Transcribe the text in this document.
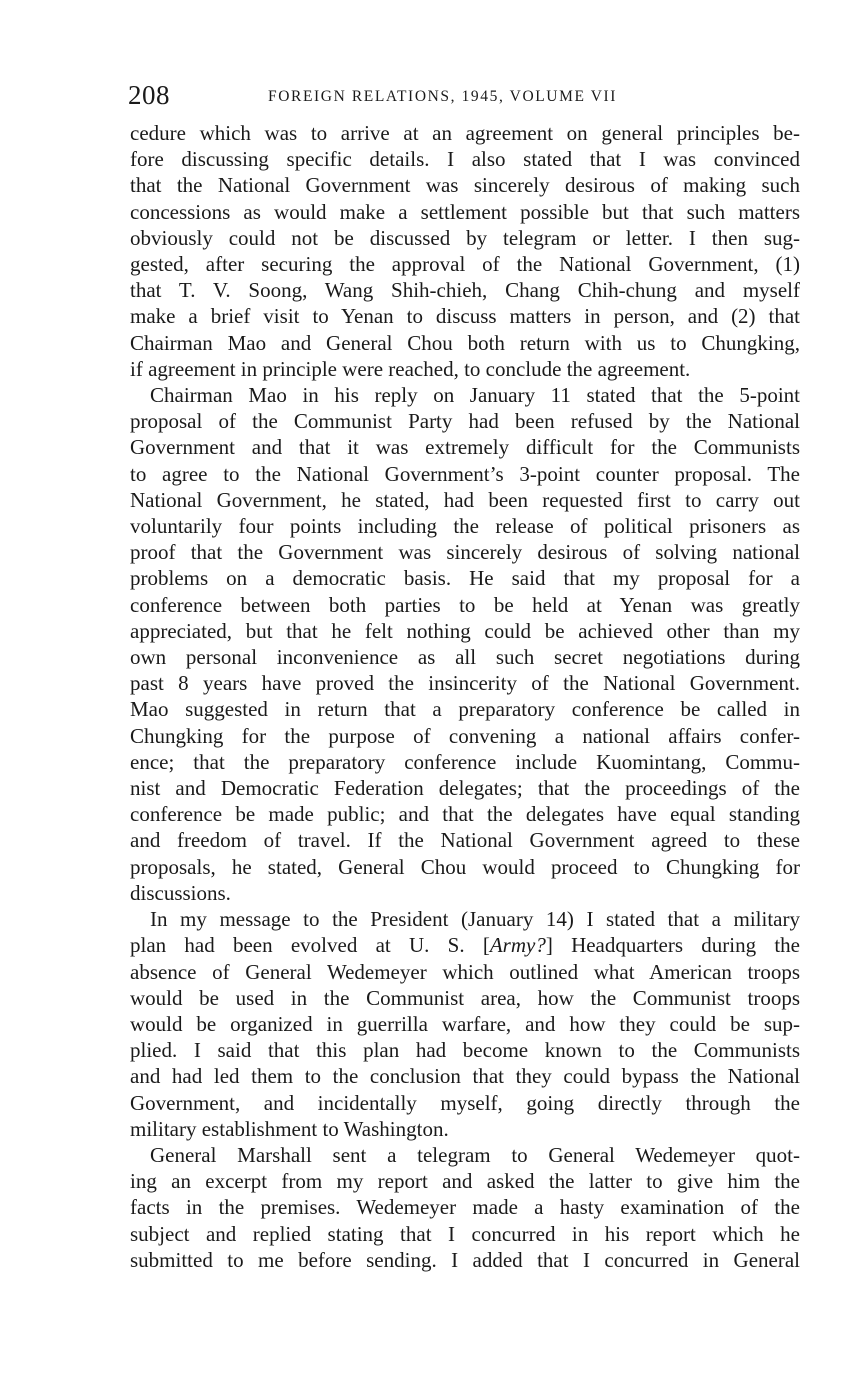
208	FOREIGN RELATIONS, 1945, VOLUME VII

cedure which was to arrive at an agreement on general principles be-
fore discussing specific details. I also stated that I was convinced
that the National Government was sincerely desirous of making such
concessions as would make a settlement possible but that such matters
obviously could not be discussed by telegram or letter. I then sug-
gested, after securing the approval of the National Government, (1)
that T. V. Soong, Wang Shih-chieh, Chang Chih-chung and myself
make a brief visit to Yenan to discuss matters in person, and (2) that
Chairman Mao and General Chou both return with us to Chungking,
if agreement in principle were reached, to conclude the agreement.

Chairman Mao in his reply on January 11 stated that the 5-point
proposal of the Communist Party had been refused by the National
Government and that it was extremely difficult for the Communists
to agree to the National Government’s 3-point counter proposal. The
National Government, he stated, had been requested first to carry out
voluntarily four points including the release of political prisoners as
proof that the Government was sincerely desirous of solving national
problems on a democratic basis. He said that my proposal for a
conference between both parties to be held at Yenan was greatly
appreciated, but that he felt nothing could be achieved other than my
own personal inconvenience as all such secret negotiations during
past 8 years have proved the insincerity of the National Government.
Mao suggested in return that a preparatory conference be called in
Chungking for the purpose of convening a national affairs confer-
ence; that the preparatory conference include Kuomintang, Commu-
nist and Democratic Federation delegates; that the proceedings of the
conference be made public; and that the delegates have equal standing
and freedom of travel. If the National Government agreed to these
proposals, he stated, General Chou would proceed to Chungking for
discussions.

In my message to the President (January 14) I stated that a military
plan had been evolved at U. S. [Army?] Headquarters during the
absence of General Wedemeyer which outlined what American troops
would be used in the Communist area, how the Communist troops
would be organized in guerrilla warfare, and how they could be sup-
plied. I said that this plan had become known to the Communists
and had led them to the conclusion that they could bypass the National
Government, and incidentally myself, going directly through the
military establishment to Washington.

General Marshall sent a telegram to General Wedemeyer quot-
ing an excerpt from my report and asked the latter to give him the
facts in the premises. Wedemeyer made a hasty examination of the
subject and replied stating that I concurred in his report which he
submitted to me before sending. I added that I concurred in General
